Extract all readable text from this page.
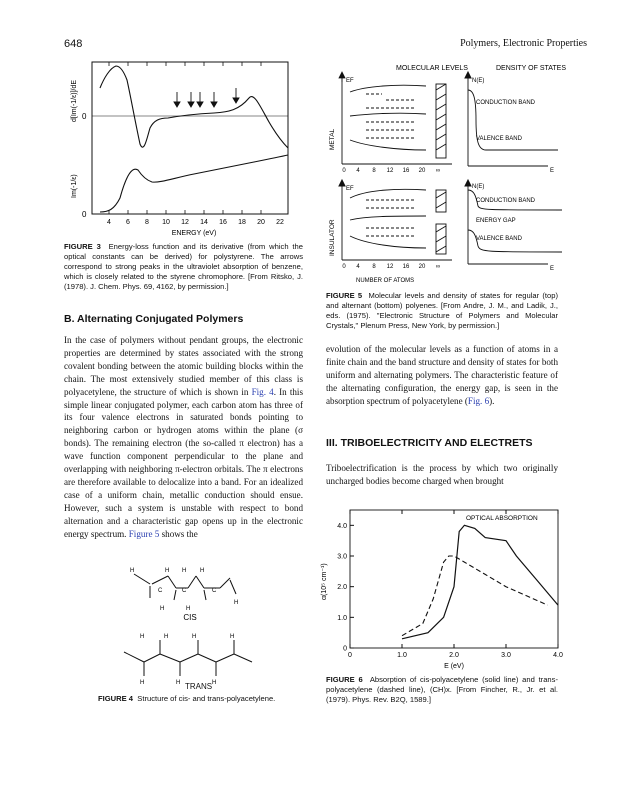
648	Polymers, Electronic Properties
0
0
d[Im(-1/ε)]/dE
Im(-1/ε)
4 6 8 10 12 14 16 18 20 22
ENERGY (eV)
FIGURE 3 Energy-loss function and its derivative (from which the optical constants can be derived) for polystyrene. The arrows correspond to strong peaks in the ultraviolet absorption of benzene, which is closely related to the styrene chromophore. [From Ritsko, J. (1978). J. Chem. Phys. 69, 4162, by permission.]
B. Alternating Conjugated Polymers
In the case of polymers without pendant groups, the electronic properties are determined by states associated with the strong covalent bonding between the atomic building blocks within the chain. The most extensively studied member of this class is polyacetylene, the structure of which is shown in Fig. 4. In this simple linear conjugated polymer, each carbon atom has three of its four valence electrons in saturated bonds pointing to neighboring carbon or hydrogen atoms within the plane (σ bonds). The remaining electron (the so-called π electron) has a wave function component perpendicular to the plane and overlapping with neighboring π-electron orbitals. The π electrons are therefore available to delocalize into a band. For an idealized case of a uniform chain, metallic conduction should ensue. However, such a system is unstable with respect to bond alternation and a characteristic gap opens up in the electronic energy spectrum. Figure 5 shows the
H	H H H
C	C	C
H	H
H
CIS
H	H	H	H
H	H	H
TRANS
FIGURE 4 Structure of cis- and trans-polyacetylene.
MOLECULAR LEVELS	DENSITY OF STATES
EF
METAL
0 4 8 12 16 20 ∞
N(E)
CONDUCTION BAND
VALENCE BAND
E
EF
INSULATOR
0 4 8 12 16 20 ∞
NUMBER OF ATOMS
N(E)
CONDUCTION BAND
ENERGY GAP
VALENCE BAND
E
FIGURE 5 Molecular levels and density of states for regular (top) and alternant (bottom) polyenes. [From Andre, J. M., and Ladik, J., eds. (1975). "Electronic Structure of Polymers and Molecular Crystals," Plenum Press, New York, by permission.]
evolution of the molecular levels as a function of atoms in a finite chain and the band structure and density of states for both uniform and alternating polymers. The characteristic feature of the alternating configuration, the energy gap, is seen in the absorption spectrum of polyacetylene (Fig. 6).
III. TRIBOELECTRICITY AND ELECTRETS
Triboelectrification is the process by which two originally uncharged bodies become charged when brought
0
1.0
2.0
3.0
4.0
0	1.0	2.0	3.0	4.0
OPTICAL ABSORPTION
α(10⁵ cm⁻¹)
E (eV)
FIGURE 6 Absorption of cis-polyacetylene (solid line) and trans-polyacetylene (dashed line), (CH)x. [From Fincher, R., Jr. et al. (1979). Phys. Rev. B2Q, 1589.]
